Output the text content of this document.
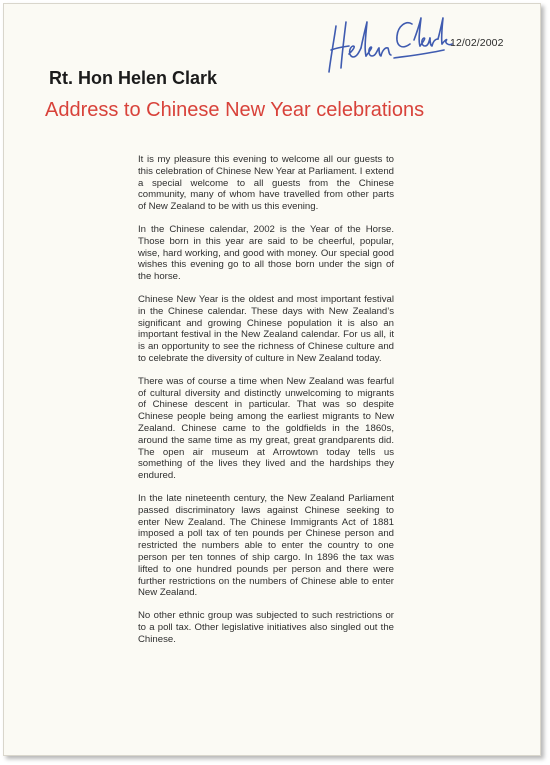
12/02/2002
Rt. Hon Helen Clark
Address to Chinese New Year celebrations

It is my pleasure this evening to welcome all our guests to this celebration of Chinese New Year at Parliament. I extend a special welcome to all guests from the Chinese community, many of whom have travelled from other parts of New Zealand to be with us this evening.

In the Chinese calendar, 2002 is the Year of the Horse. Those born in this year are said to be cheerful, popular, wise, hard working, and good with money. Our special good wishes this evening go to all those born under the sign of the horse.

Chinese New Year is the oldest and most important festival in the Chinese calendar. These days with New Zealand’s significant and growing Chinese population it is also an important festival in the New Zealand calendar. For us all, it is an opportunity to see the richness of Chinese culture and to celebrate the diversity of culture in New Zealand today.

There was of course a time when New Zealand was fearful of cultural diversity and distinctly unwelcoming to migrants of Chinese descent in particular. That was so despite Chinese people being among the earliest migrants to New Zealand. Chinese came to the goldfields in the 1860s, around the same time as my great, great grandparents did. The open air museum at Arrowtown today tells us something of the lives they lived and the hardships they endured.

In the late nineteenth century, the New Zealand Parliament passed discriminatory laws against Chinese seeking to enter New Zealand. The Chinese Immigrants Act of 1881 imposed a poll tax of ten pounds per Chinese person and restricted the numbers able to enter the country to one person per ten tonnes of ship cargo. In 1896 the tax was lifted to one hundred pounds per person and there were further restrictions on the numbers of Chinese able to enter New Zealand.

No other ethnic group was subjected to such restrictions or to a poll tax. Other legislative initiatives also singled out the Chinese.
